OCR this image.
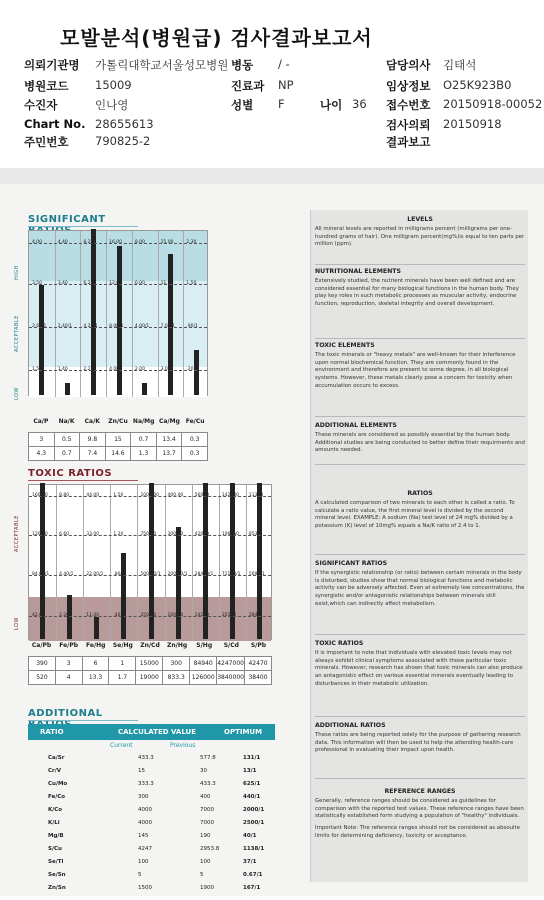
모발분석(병원급) 검사결과보고서
의뢰기관명 가톨릭대학교서울성모병원 병동 / -	담당의사 김태석
병원코드 15009	진료과 NP	임상정보 O25K923B0
수진자	인나영	성별 F	나이 36 접수번호 20150918-00052
Chart No. 28655613	검사의뢰 20150918
주민번호 790825-2	결과보고
SIGNIFICANT
4.00
3.50
2.63/1
1.50
4.40
3.40
2.40/1
1.40
8.25
6.25
4.20/1
2.25
16.00
12.00
8.00/1
4.00
8.00
6.00
4.00/1
2.00
15.00
11.00
7.00/1
3.00
2.30
1.50
.90/1
.20
HIGH
ACCEPTABLE
LOW
Ca/P	Na/K	Ca/K	Zn/Cu Na/Mg Ca/Mg Fe/Cu
3	0.5	9.8	15	0.7	13.4	0.3
4.3	0.7	7.4	14.6	1.3	13.7	0.3
TOXIC RATIOS
160.00
120.00
84.00/1
42.00
8.80
6.60
4.40/1
2.20
44.00
33.00
22.00/1
11.00
1.50
1.20
.80/1
.40
1000.00
750.00
500.00/1
250.00
400.00
300.00
200.00/1
100.00
56000
42000
28400/1
14200
142200
106650
71100/1
35550
11380
8535
5690/1
2845
ACCEPTABLE
LOW
Ca/Pb	Fe/Pb	Fe/Hg	Se/Hg	Zn/Cd	Zn/Hg	S/Hg	S/Cd	S/Pb
390	3	6	1	15000	300	84940	4247000	42470
520	4	13.3	1.7	19000	833.3	126000	3840000	38400
ADDITIONAL
RATIO	CALCULATED VALUE	OPTIMUM
Current	Previous
Ca/Sr	433.3	577.8	131/1
Cr/V	15	30	13/1
Cu/Mo	333.3	433.3	625/1
Fe/Co	300	400	440/1
K/Co	4000	7000	2000/1
K/Li	4000	7000	2500/1
Mg/B	145	190	40/1
S/Cu	4247	2953.8	1138/1
Se/Tl	100	100	37/1
Se/Sn	5	5	0.67/1
Zn/Sn	1500	1900	167/1
LEVELS
All mineral levels are reported in milligrams percent (milligrams per one-hundred grams of hair). One milligram percent(mg%)is equal to ten parts per million (ppm).
NUTRITIONAL ELEMENTS
Extensively studied, the nutrient minerals have been well defined and are considered essential for many biological functions in the human body. They play key roles in such metabolic processes as muscular activity, endocrine function, reproduction, skeletal integrity and overall development.
TOXIC ELEMENTS
The toxic minerals or "heavy metals" are well-known for their interference upon normal biochemical function. They are commonly found in the environment and therefore are present to some degree, in all biological systems. However, these metals clearly pose a concern for toxicity when accumulation occurs to excess.
ADDITIONAL ELEMENTS
These minerals are considered as possibly essential by the human body. Additional studies are being conducted to better define their requirments and amounts needed.
RATIOS
A calculated comparison of two minerals to each other is called a ratio. To calculate a ratio value, the first mineral level is divided by the second mineral level. EXAMPLE: A sodium (Na) test level of 24 mg% divided by a potassium (K) level of 10mg% equals a Na/K ratio of 2.4 to 1.
SIGNIFICANT RATIOS
If the synergistic relationship (or ratio) between certain minerals in the body is disturbed, studies show that normal biological functions and metabolic activity can be adversely affected. Even at extremely low concentrations, the synergistic and/or antagonistic relationships between minerals still exist,which can indirectly affect metabolism.
TOXIC RATIOS
It is important to note that individuals with elevated toxic levels may not always exhibit clinical symptoms associated with those particular toxic minerals. However, research has shown that toxic minerals can also produce an antagonistic effect on various essential minerals eventually leading to disturbances in their metabolic utilization.
ADDITIONAL RATIOS
These ratios are being reported solely for the purpose of gathering research data. This information will then be used to help the attending health-care professional in evaluating their impact upon health.
REFERENCE RANGES
Generally, reference ranges should be considered as guidelines for comparison with the reported test values. These reference ranges have been statistically established form studying a population of "healthy" individuals.
Important Note: The reference ranges should not be considered as absoulte limits for determining deficiency, toxicity or acceptance.
